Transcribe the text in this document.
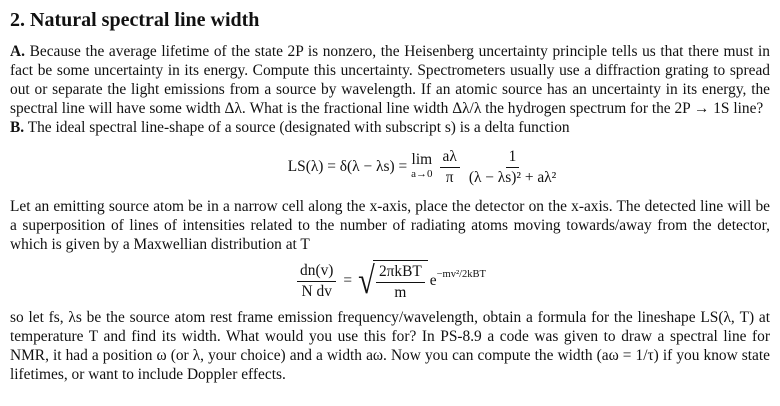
2. Natural spectral line width

A. Because the average lifetime of the state 2P is nonzero, the Heisenberg uncertainty principle tells us that there must in fact be some uncertainty in its energy. Compute this uncertainty. Spectrometers usually use a diffraction grating to spread out or separate the light emissions from a source by wavelength. If an atomic source has an uncertainty in its energy, the spectral line will have some width Δλ. What is the fractional line width Δλ/λ the hydrogen spectrum for the 2P → 1S line?

B. The ideal spectral line-shape of a source (designated with subscript s) is a delta function

LS(λ) = δ(λ − λs) = lim
$a\to 0 \frac{a\lambda}{\pi} \frac{1}{\text{(λ − λs)² + aλ²}}$

Let an emitting source atom be in a narrow cell along the x-axis, place the detector on the x-axis. The detected line will be a superposition of lines of intensities related to the number of radiating atoms moving towards/away from the detector, which is given by a Maxwellian distribution at T

$\frac{dn(v)}{\text{N dv}}$ = √ $\frac{\text{2πkBT}}{m}$ e −mv²/2kBT

so let fs, λs be the source atom rest frame emission frequency/wavelength, obtain a formula for the lineshape LS(λ, T) at temperature T and find its width. What would you use this for? In PS-8.9 a code was given to draw a spectral line for NMR, it had a position ω (or λ, your choice) and a width aω. Now you can compute the width (aω = 1/τ) if you know state lifetimes, or want to include Doppler effects.
